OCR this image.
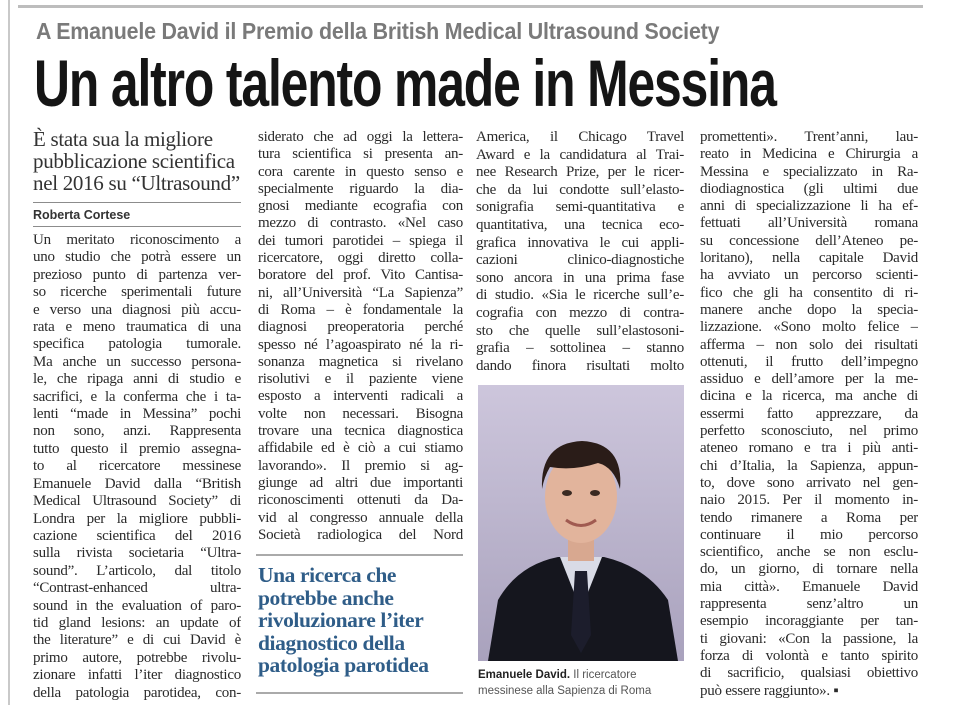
A Emanuele David il Premio della British Medical Ultrasound Society
Un altro talento made in Messina
È stata sua la migliore pubblicazione scientifica nel 2016 su “Ultrasound”
Roberta Cortese
Un meritato riconoscimento a
uno studio che potrà essere un
prezioso punto di partenza ver-
so ricerche sperimentali future
e verso una diagnosi più accu-
rata e meno traumatica di una
specifica patologia tumorale.
Ma anche un successo persona-
le, che ripaga anni di studio e
sacrifici, e la conferma che i ta-
lenti “made in Messina” pochi
non sono, anzi. Rappresenta
tutto questo il premio assegna-
to al ricercatore messinese
Emanuele David dalla “British
Medical Ultrasound Society” di
Londra per la migliore pubbli-
cazione scientifica del 2016
sulla rivista societaria “Ultra-
sound”. L’articolo, dal titolo
“Contrast-enhanced ultra-
sound in the evaluation of paro-
tid gland lesions: an update of
the literature” e di cui David è
primo autore, potrebbe rivolu-
zionare infatti l’iter diagnostico
della patologia parotidea, con-
siderato che ad oggi la lettera-
tura scientifica si presenta an-
cora carente in questo senso e
specialmente riguardo la dia-
gnosi mediante ecografia con
mezzo di contrasto. «Nel caso
dei tumori parotidei – spiega il
ricercatore, oggi diretto colla-
boratore del prof. Vito Cantisa-
ni, all’Università “La Sapienza”
di Roma – è fondamentale la
diagnosi preoperatoria perché
spesso né l’agoaspirato né la ri-
sonanza magnetica si rivelano
risolutivi e il paziente viene
esposto a interventi radicali a
volte non necessari. Bisogna
trovare una tecnica diagnostica
affidabile ed è ciò a cui stiamo
lavorando». Il premio si ag-
giunge ad altri due importanti
riconoscimenti ottenuti da Da-
vid al congresso annuale della
Società radiologica del Nord
America, il Chicago Travel
Award e la candidatura al Trai-
nee Research Prize, per le ricer-
che da lui condotte sull’elasto-
sonigrafia semi-quantitativa e
quantitativa, una tecnica eco-
grafica innovativa le cui appli-
cazioni clinico-diagnostiche
sono ancora in una prima fase
di studio. «Sia le ricerche sull’e-
cografia con mezzo di contra-
sto che quelle sull’elastosoni-
grafia – sottolinea – stanno
dando finora risultati molto
promettenti». Trent’anni, lau-
reato in Medicina e Chirurgia a
Messina e specializzato in Ra-
diodiagnostica (gli ultimi due
anni di specializzazione li ha ef-
fettuati all’Università romana
su concessione dell’Ateneo pe-
loritano), nella capitale David
ha avviato un percorso scienti-
fico che gli ha consentito di ri-
manere anche dopo la specia-
lizzazione. «Sono molto felice –
afferma – non solo dei risultati
ottenuti, il frutto dell’impegno
assiduo e dell’amore per la me-
dicina e la ricerca, ma anche di
essermi fatto apprezzare, da
perfetto sconosciuto, nel primo
ateneo romano e tra i più anti-
chi d’Italia, la Sapienza, appun-
to, dove sono arrivato nel gen-
naio 2015. Per il momento in-
tendo rimanere a Roma per
continuare il mio percorso
scientifico, anche se non esclu-
do, un giorno, di tornare nella
mia città». Emanuele David
rappresenta senz’altro un
esempio incoraggiante per tan-
ti giovani: «Con la passione, la
forza di volontà e tanto spirito
di sacrificio, qualsiasi obiettivo
può essere raggiunto». ▪
Una ricerca che potrebbe anche rivoluzionare l’iter diagnostico della patologia parotidea	Emanuele David. Il ricercatore messinese alla Sapienza di Roma
